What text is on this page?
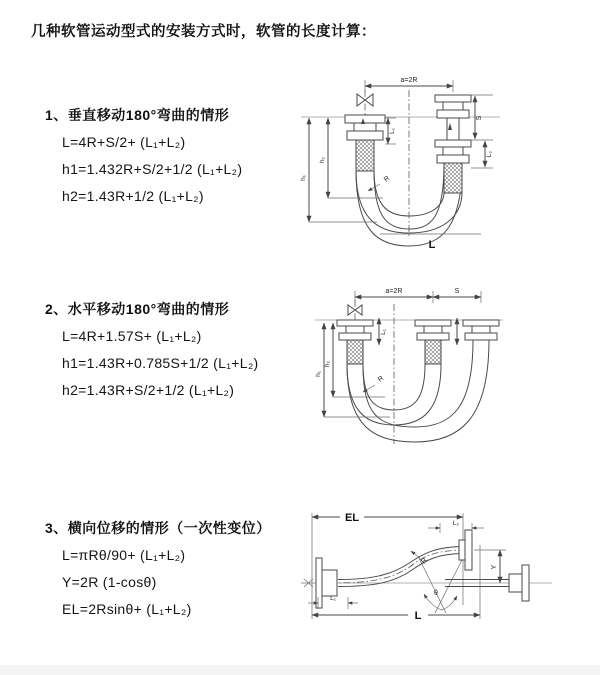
几种软管运动型式的安装方式时，软管的长度计算：
1、垂直移动180°弯曲的情形
L=4R+S/2+ (L₁+L₂)
h1=1.432R+S/2+1/2 (L₁+L₂)
h2=1.43R+1/2 (L₁+L₂)
2、水平移动180°弯曲的情形
L=4R+1.57S+ (L₁+L₂)
h1=1.43R+0.785S+1/2 (L₁+L₂)
h2=1.43R+S/2+1/2 (L₁+L₂)
3、横向位移的情形（一次性变位）
L=πRθ/90+ (L₁+L₂)
Y=2R (1-cosθ)
EL=2Rsinθ+ (L₁+L₂)
a=2R
L₁
S
L₂
h₁
h₂
R
L
a=2R	S
L₁
h₁
h₂
R
θ
EL	L₂
L₁
R
Y
L
